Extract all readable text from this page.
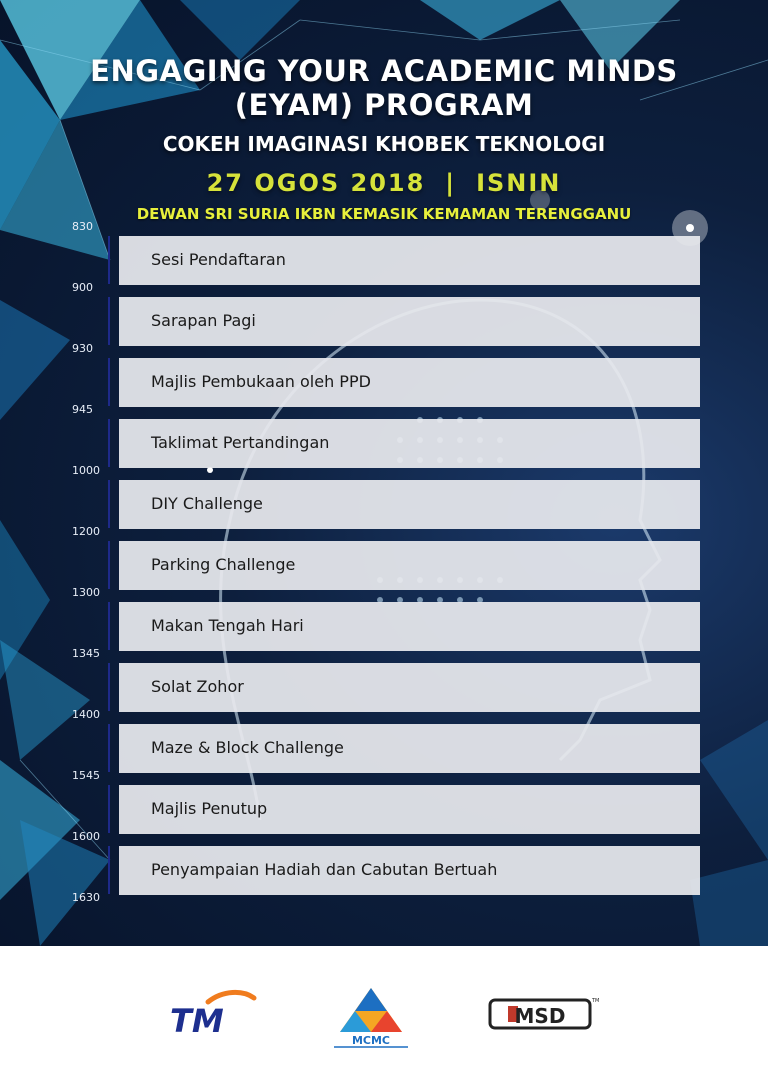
ENGAGING YOUR ACADEMIC MINDS
(EYAM) PROGRAM
COKEH IMAGINASI KHOBEK TEKNOLOGI
27 OGOS 2018 | ISNIN
DEWAN SRI SURIA IKBN KEMASIK KEMAMAN TERENGGANU
830
900
930
945
1000
1200
1300
1345
1400
1545
1600
1630
Sesi Pendaftaran
Sarapan Pagi
Majlis Pembukaan oleh PPD
Taklimat Pertandingan
DIY Challenge
Parking Challenge
Makan Tengah Hari
Solat Zohor
Maze & Block Challenge
Majlis Penutup
Penyampaian Hadiah dan Cabutan Bertuah
TM
MCMC
MSD
TM
